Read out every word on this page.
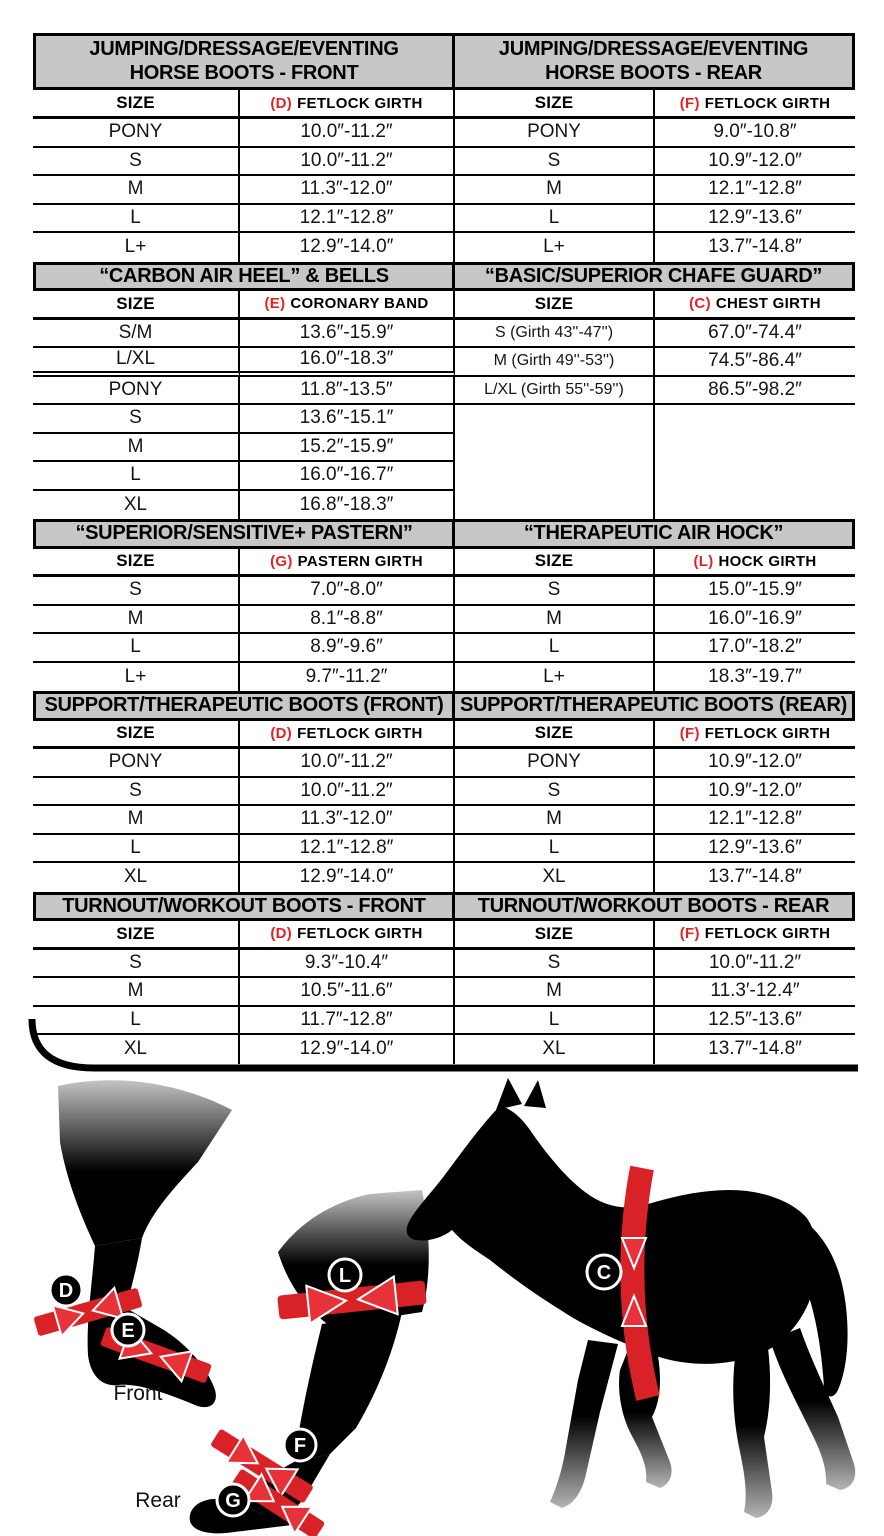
JUMPING/DRESSAGE/EVENTING
HORSE BOOTS - FRONT
JUMPING/DRESSAGE/EVENTING
HORSE BOOTS - REAR
SIZE	(D) FETLOCK GIRTH	SIZE	(F) FETLOCK GIRTH
PONY	10.0″-11.2″	PONY	9.0″-10.8″
S	10.0″-11.2″	S	10.9″-12.0″
M	11.3″-12.0″	M	12.1″-12.8″
L	12.1″-12.8″	L	12.9″-13.6″
L+	12.9″-14.0″	L+	13.7″-14.8″
“CARBON AIR HEEL” & BELLS	“BASIC/SUPERIOR CHAFE GUARD”
SIZE	(E) CORONARY BAND	SIZE	(C) CHEST GIRTH
S/M	13.6″-15.9″	S (Girth 43''-47'')	67.0″-74.4″
L/XL	16.0″-18.3″	M (Girth 49''-53'')	74.5″-86.4″
PONY	11.8″-13.5″	L/XL (Girth 55''-59'')	86.5″-98.2″
S	13.6″-15.1″
M	15.2″-15.9″
L	16.0″-16.7″
XL	16.8″-18.3″
“SUPERIOR/SENSITIVE+ PASTERN”	“THERAPEUTIC AIR HOCK”
SIZE	(G) PASTERN GIRTH	SIZE	(L) HOCK GIRTH
S	7.0″-8.0″	S	15.0″-15.9″
M	8.1″-8.8″	M	16.0″-16.9″
L	8.9″-9.6″	L	17.0″-18.2″
L+	9.7″-11.2″	L+	18.3″-19.7″
SUPPORT/THERAPEUTIC BOOTS (FRONT) SUPPORT/THERAPEUTIC BOOTS (REAR)
SIZE	(D) FETLOCK GIRTH	SIZE	(F) FETLOCK GIRTH
PONY	10.0″-11.2″	PONY	10.9″-12.0″
S	10.0″-11.2″	S	10.9″-12.0″
M	11.3″-12.0″	M	12.1″-12.8″
L	12.1″-12.8″	L	12.9″-13.6″
XL	12.9″-14.0″	XL	13.7″-14.8″
TURNOUT/WORKOUT BOOTS - FRONT	TURNOUT/WORKOUT BOOTS - REAR
SIZE	(D) FETLOCK GIRTH	SIZE	(F) FETLOCK GIRTH
S	9.3″-10.4″	S	10.0″-11.2″
M	10.5″-11.6″	M	11.3′-12.4″
L	11.7″-12.8″	L	12.5″-13.6″
XL	12.9″-14.0″	XL	13.7″-14.8″
D
E
Front
L
F
G
Rear
C
